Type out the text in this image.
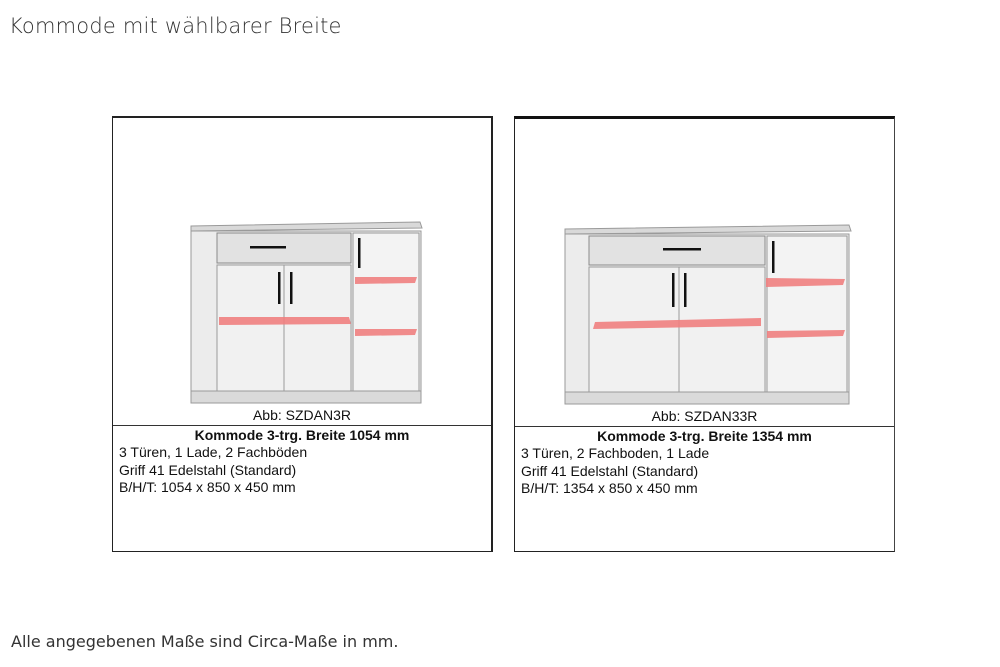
Kommode mit wählbarer Breite
Abb: SZDAN3R
Kommode 3-trg. Breite 1054 mm
3 Türen, 1 Lade, 2 Fachböden
Griff 41 Edelstahl (Standard)
B/H/T: 1054 x 850 x 450 mm
Abb: SZDAN33R
Kommode 3-trg. Breite 1354 mm
3 Türen, 2 Fachboden, 1 Lade
Griff 41 Edelstahl (Standard)
B/H/T: 1354 x 850 x 450 mm
Alle angegebenen Maße sind Circa-Maße in mm.
